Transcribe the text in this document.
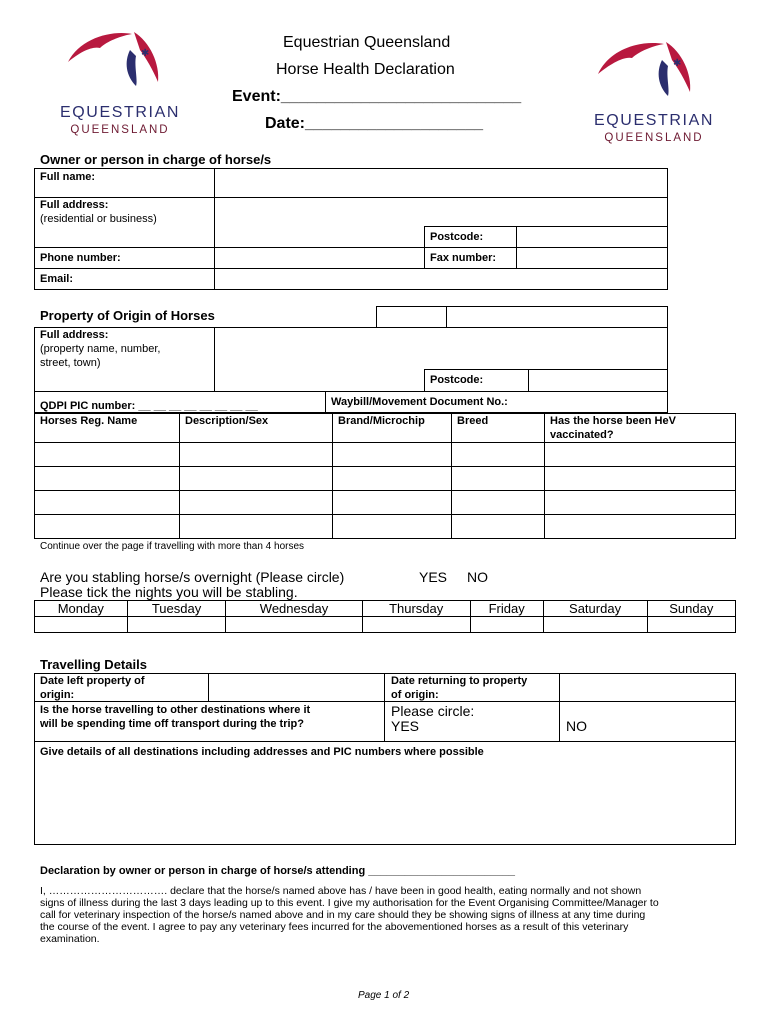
✱
EQUESTRIAN
QUEENSLAND
✱
EQUESTRIAN
QUEENSLAND
Equestrian Queensland
Horse Health Declaration
Event:___________________________
Date:____________________
Owner or person in charge of horse/s
Full name:
Full address:
(residential or business)
Postcode:
Phone number:	Fax number:
Email:
Property of Origin of Horses
Full address:
(property name, number,
street, town)
Postcode:
QDPI PIC number: __ __ __ __ __ __ __ __	Waybill/Movement Document No.:
Horses Reg. Name	Description/Sex	Brand/Microchip	Breed	Has the horse been HeV vaccinated?

Continue over the page if travelling with more than 4 horses
Are you stabling horse/s overnight (Please circle)	YES NO
Please tick the nights you will be stabling.
Monday	Tuesday	Wednesday	Thursday	Friday	Saturday	Sunday

Travelling Details
Date left property of
origin:
Date returning to property
of origin:
Is the horse travelling to other destinations where it
will be spending time off transport during the trip?
Please circle:
YES	NO
Give details of all destinations including addresses and PIC numbers where possible
Declaration by owner or person in charge of horse/s attending ________________________
I, ……………………………. declare that the horse/s named above has / have been in good health, eating normally and not shown
signs of illness during the last 3 days leading up to this event. I give my authorisation for the Event Organising Committee/Manager to
call for veterinary inspection of the horse/s named above and in my care should they be showing signs of illness at any time during
the course of the event. I agree to pay any veterinary fees incurred for the abovementioned horses as a result of this veterinary
examination.
Page 1 of 2
